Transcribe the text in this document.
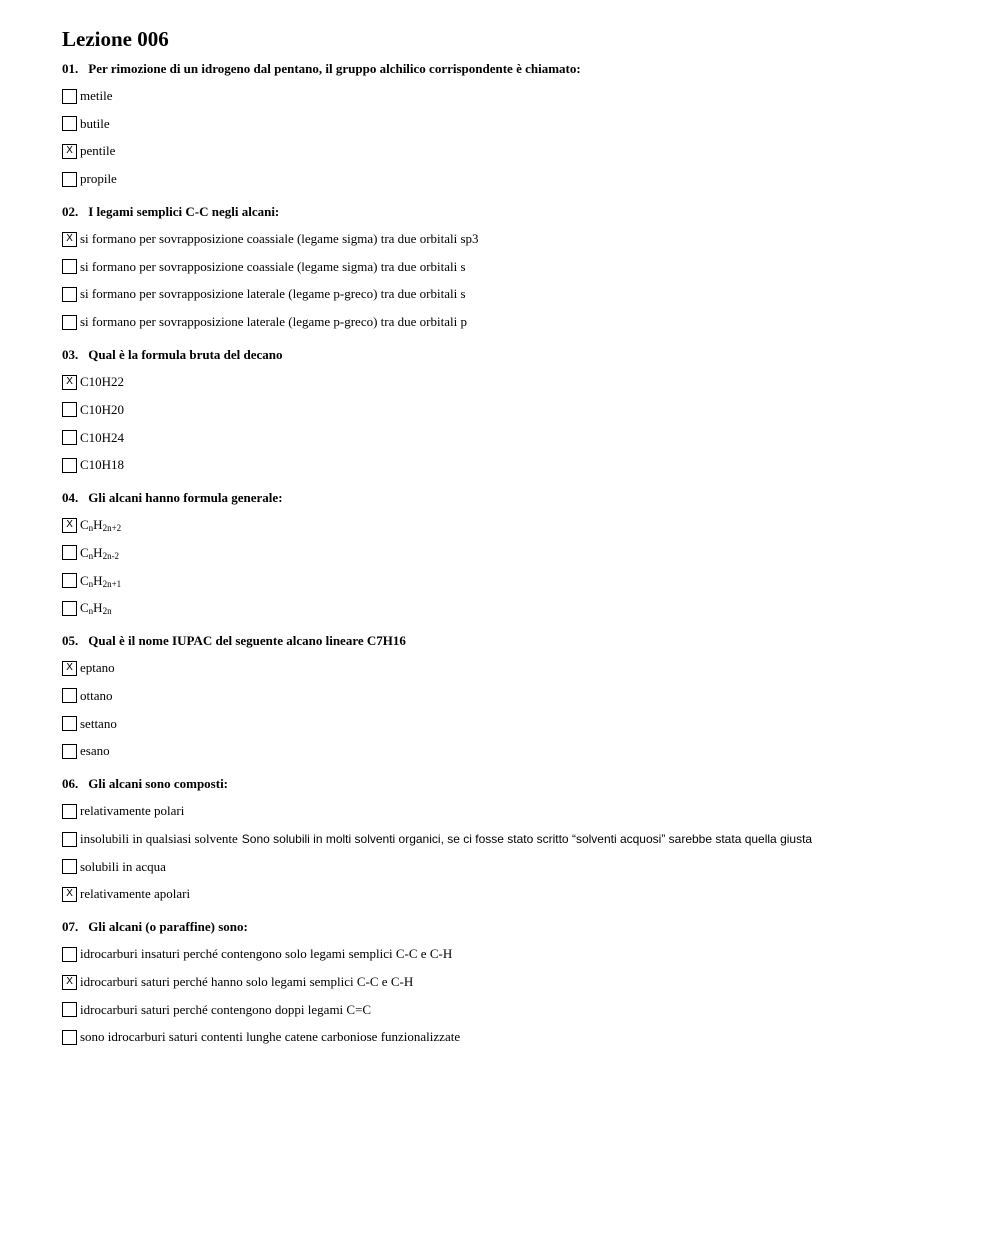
Lezione 006
01. Per rimozione di un idrogeno dal pentano, il gruppo alchilico corrispondente è chiamato:
metile
butile
X pentile
propile
02. I legami semplici C-C negli alcani:
X si formano per sovrapposizione coassiale (legame sigma) tra due orbitali sp3
si formano per sovrapposizione coassiale (legame sigma) tra due orbitali s
si formano per sovrapposizione laterale (legame p-greco) tra due orbitali s
si formano per sovrapposizione laterale (legame p-greco) tra due orbitali p
03. Qual è la formula bruta del decano
X C10H22
C10H20
C10H24
C10H18
04. Gli alcani hanno formula generale:
X $C_nH_{2n+2}$
$C_nH_{2n-2}$
$C_nH_{2n+1}$
$C_nH_{2n}$
05. Qual è il nome IUPAC del seguente alcano lineare C7H16
X eptano
ottano
settano
esano
06. Gli alcani sono composti:
relativamente polari
insolubili in qualsiasi solvente Sono solubili in molti solventi organici, se ci fosse stato scritto “solventi acquosi” sarebbe stata quella giusta
solubili in acqua
X relativamente apolari
07. Gli alcani (o paraffine) sono:
idrocarburi insaturi perché contengono solo legami semplici C-C e C-H
X idrocarburi saturi perché hanno solo legami semplici C-C e C-H
idrocarburi saturi perché contengono doppi legami C=C
sono idrocarburi saturi contenti lunghe catene carboniose funzionalizzate
